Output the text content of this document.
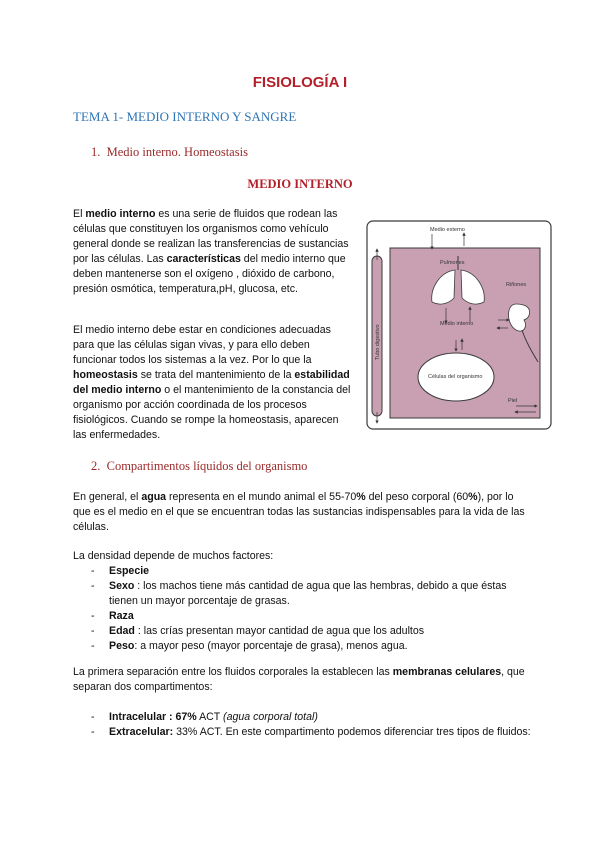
FISIOLOGÍA I
TEMA 1- MEDIO INTERNO Y SANGRE
1. Medio interno. Homeostasis
MEDIO INTERNO
El medio interno es una serie de fluidos que rodean las células que constituyen los organismos como vehículo general donde se realizan las transferencias de sustancias por las células. Las características del medio interno que deben mantenerse son el oxígeno , dióxido de carbono, presión osmótica, temperatura,pH, glucosa, etc.
El medio interno debe estar en condiciones adecuadas para que las células sigan vivas, y para ello deben funcionar todos los sistemas a la vez. Por lo que la homeostasis se trata del mantenimiento de la estabilidad del medio interno o el mantenimiento de la constancia del organismo por acción coordinada de los procesos fisiológicos. Cuando se rompe la homeostasis, aparecen las enfermedades.
Tubo digestivo
Medio externo
Pulmones
Riñones
Medio interno
Células del organismo
Piel
2. Compartimentos líquidos del organismo
En general, el agua representa en el mundo animal el 55-70% del peso corporal (60%), por lo que es el medio en el que se encuentran todas las sustancias indispensables para la vida de las células.
La densidad depende de muchos factores:
- Especie
- Sexo : los machos tiene más cantidad de agua que las hembras, debido a que éstas tienen un mayor porcentaje de grasas.
- Raza
- Edad : las crías presentan mayor cantidad de agua que los adultos
- Peso: a mayor peso (mayor porcentaje de grasa), menos agua.
La primera separación entre los fluidos corporales la establecen las membranas celulares, que separan dos compartimentos:
- Intracelular : 67% ACT (agua corporal total)
- Extracelular: 33% ACT. En este compartimento podemos diferenciar tres tipos de fluidos:
